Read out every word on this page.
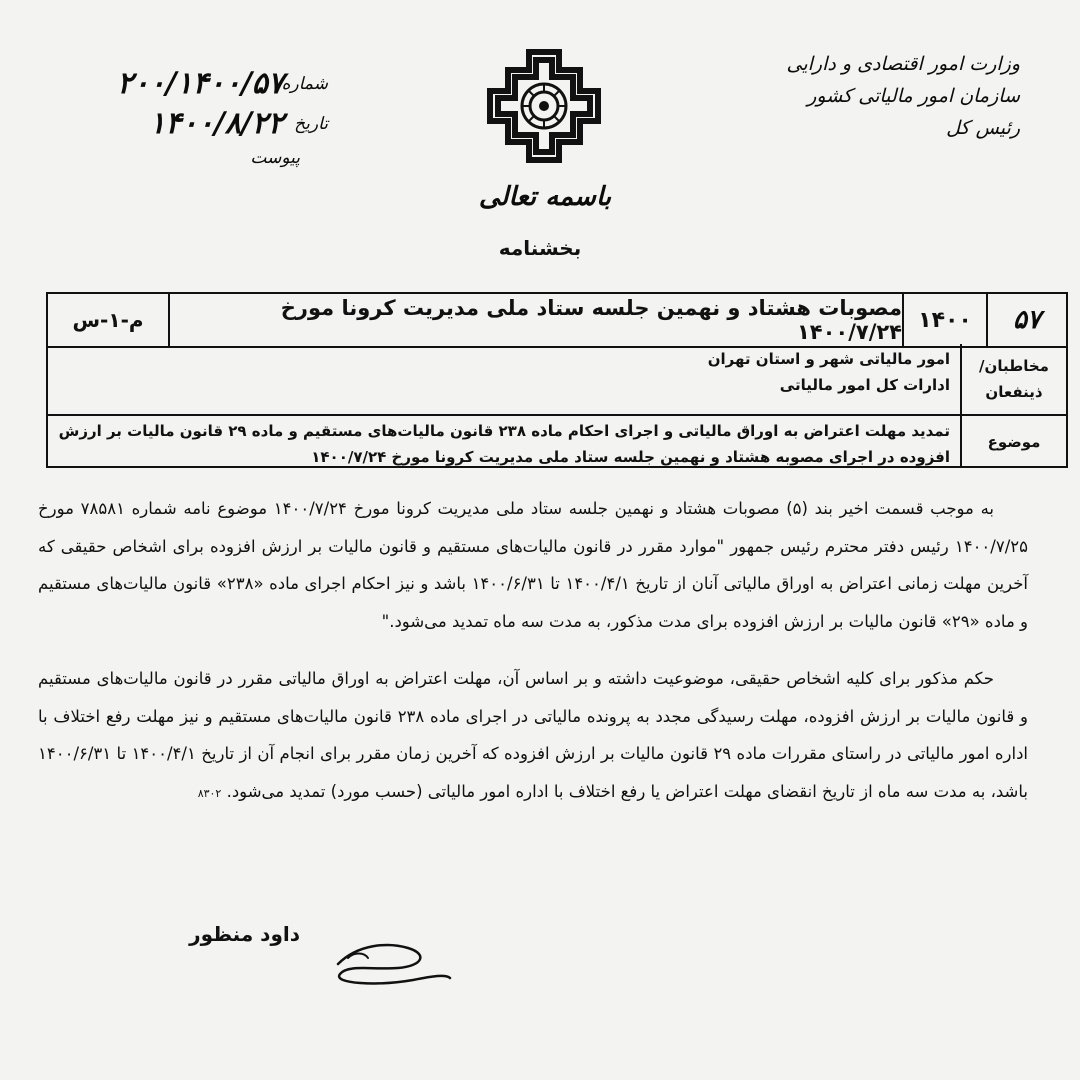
وزارت امور اقتصادی و دارایی
سازمان امور مالیاتی کشور
رئیس کل
شماره
۲۰۰/۱۴۰۰/۵۷
تاریخ
۱۴۰۰/۸/۲۲
پیوست
باسمه تعالی
بخشنامه
۵۷
۱۴۰۰
مصوبات هشتاد و نهمین جلسه ستاد ملی مدیریت کرونا مورخ ۱۴۰۰/۷/۲۴
م-۱-س
مخاطبان/ ذینفعان
امور مالیاتی شهر و استان تهران
ادارات کل امور مالیاتی
موضوع
تمدید مهلت اعتراض به اوراق مالیاتی و اجرای احکام ماده ۲۳۸ قانون مالیات‌های مستقیم و ماده ۲۹ قانون مالیات بر ارزش افزوده در اجرای مصوبه هشتاد و نهمین جلسه ستاد ملی مدیریت کرونا مورخ ۱۴۰۰/۷/۲۴

به موجب قسمت اخیر بند (۵) مصوبات هشتاد و نهمین جلسه ستاد ملی مدیریت کرونا مورخ ۱۴۰۰/۷/۲۴ موضوع نامه شماره ۷۸۵۸۱ مورخ ۱۴۰۰/۷/۲۵ رئیس دفتر محترم رئیس جمهور "موارد مقرر در قانون مالیات‌های مستقیم و قانون مالیات بر ارزش افزوده برای اشخاص حقیقی که آخرین مهلت زمانی اعتراض به اوراق مالیاتی آنان از تاریخ ۱۴۰۰/۴/۱ تا ۱۴۰۰/۶/۳۱ باشد و نیز احکام اجرای ماده «۲۳۸» قانون مالیات‌های مستقیم و ماده «۲۹» قانون مالیات بر ارزش افزوده برای مدت مذکور، به مدت سه ماه تمدید می‌شود."

حکم مذکور برای کلیه اشخاص حقیقی، موضوعیت داشته و بر اساس آن، مهلت اعتراض به اوراق مالیاتی مقرر در قانون مالیات‌های مستقیم و قانون مالیات بر ارزش افزوده، مهلت رسیدگی مجدد به پرونده مالیاتی در اجرای ماده ۲۳۸ قانون مالیات‌های مستقیم و نیز مهلت رفع اختلاف با اداره امور مالیاتی در راستای مقررات ماده ۲۹ قانون مالیات بر ارزش افزوده که آخرین زمان مقرر برای انجام آن از تاریخ ۱۴۰۰/۴/۱ تا ۱۴۰۰/۶/۳۱ باشد، به مدت سه ماه از تاریخ انقضای مهلت اعتراض یا رفع اختلاف با اداره امور مالیاتی (حسب مورد) تمدید می‌شود. ۸۳۰۲

داود منظور
